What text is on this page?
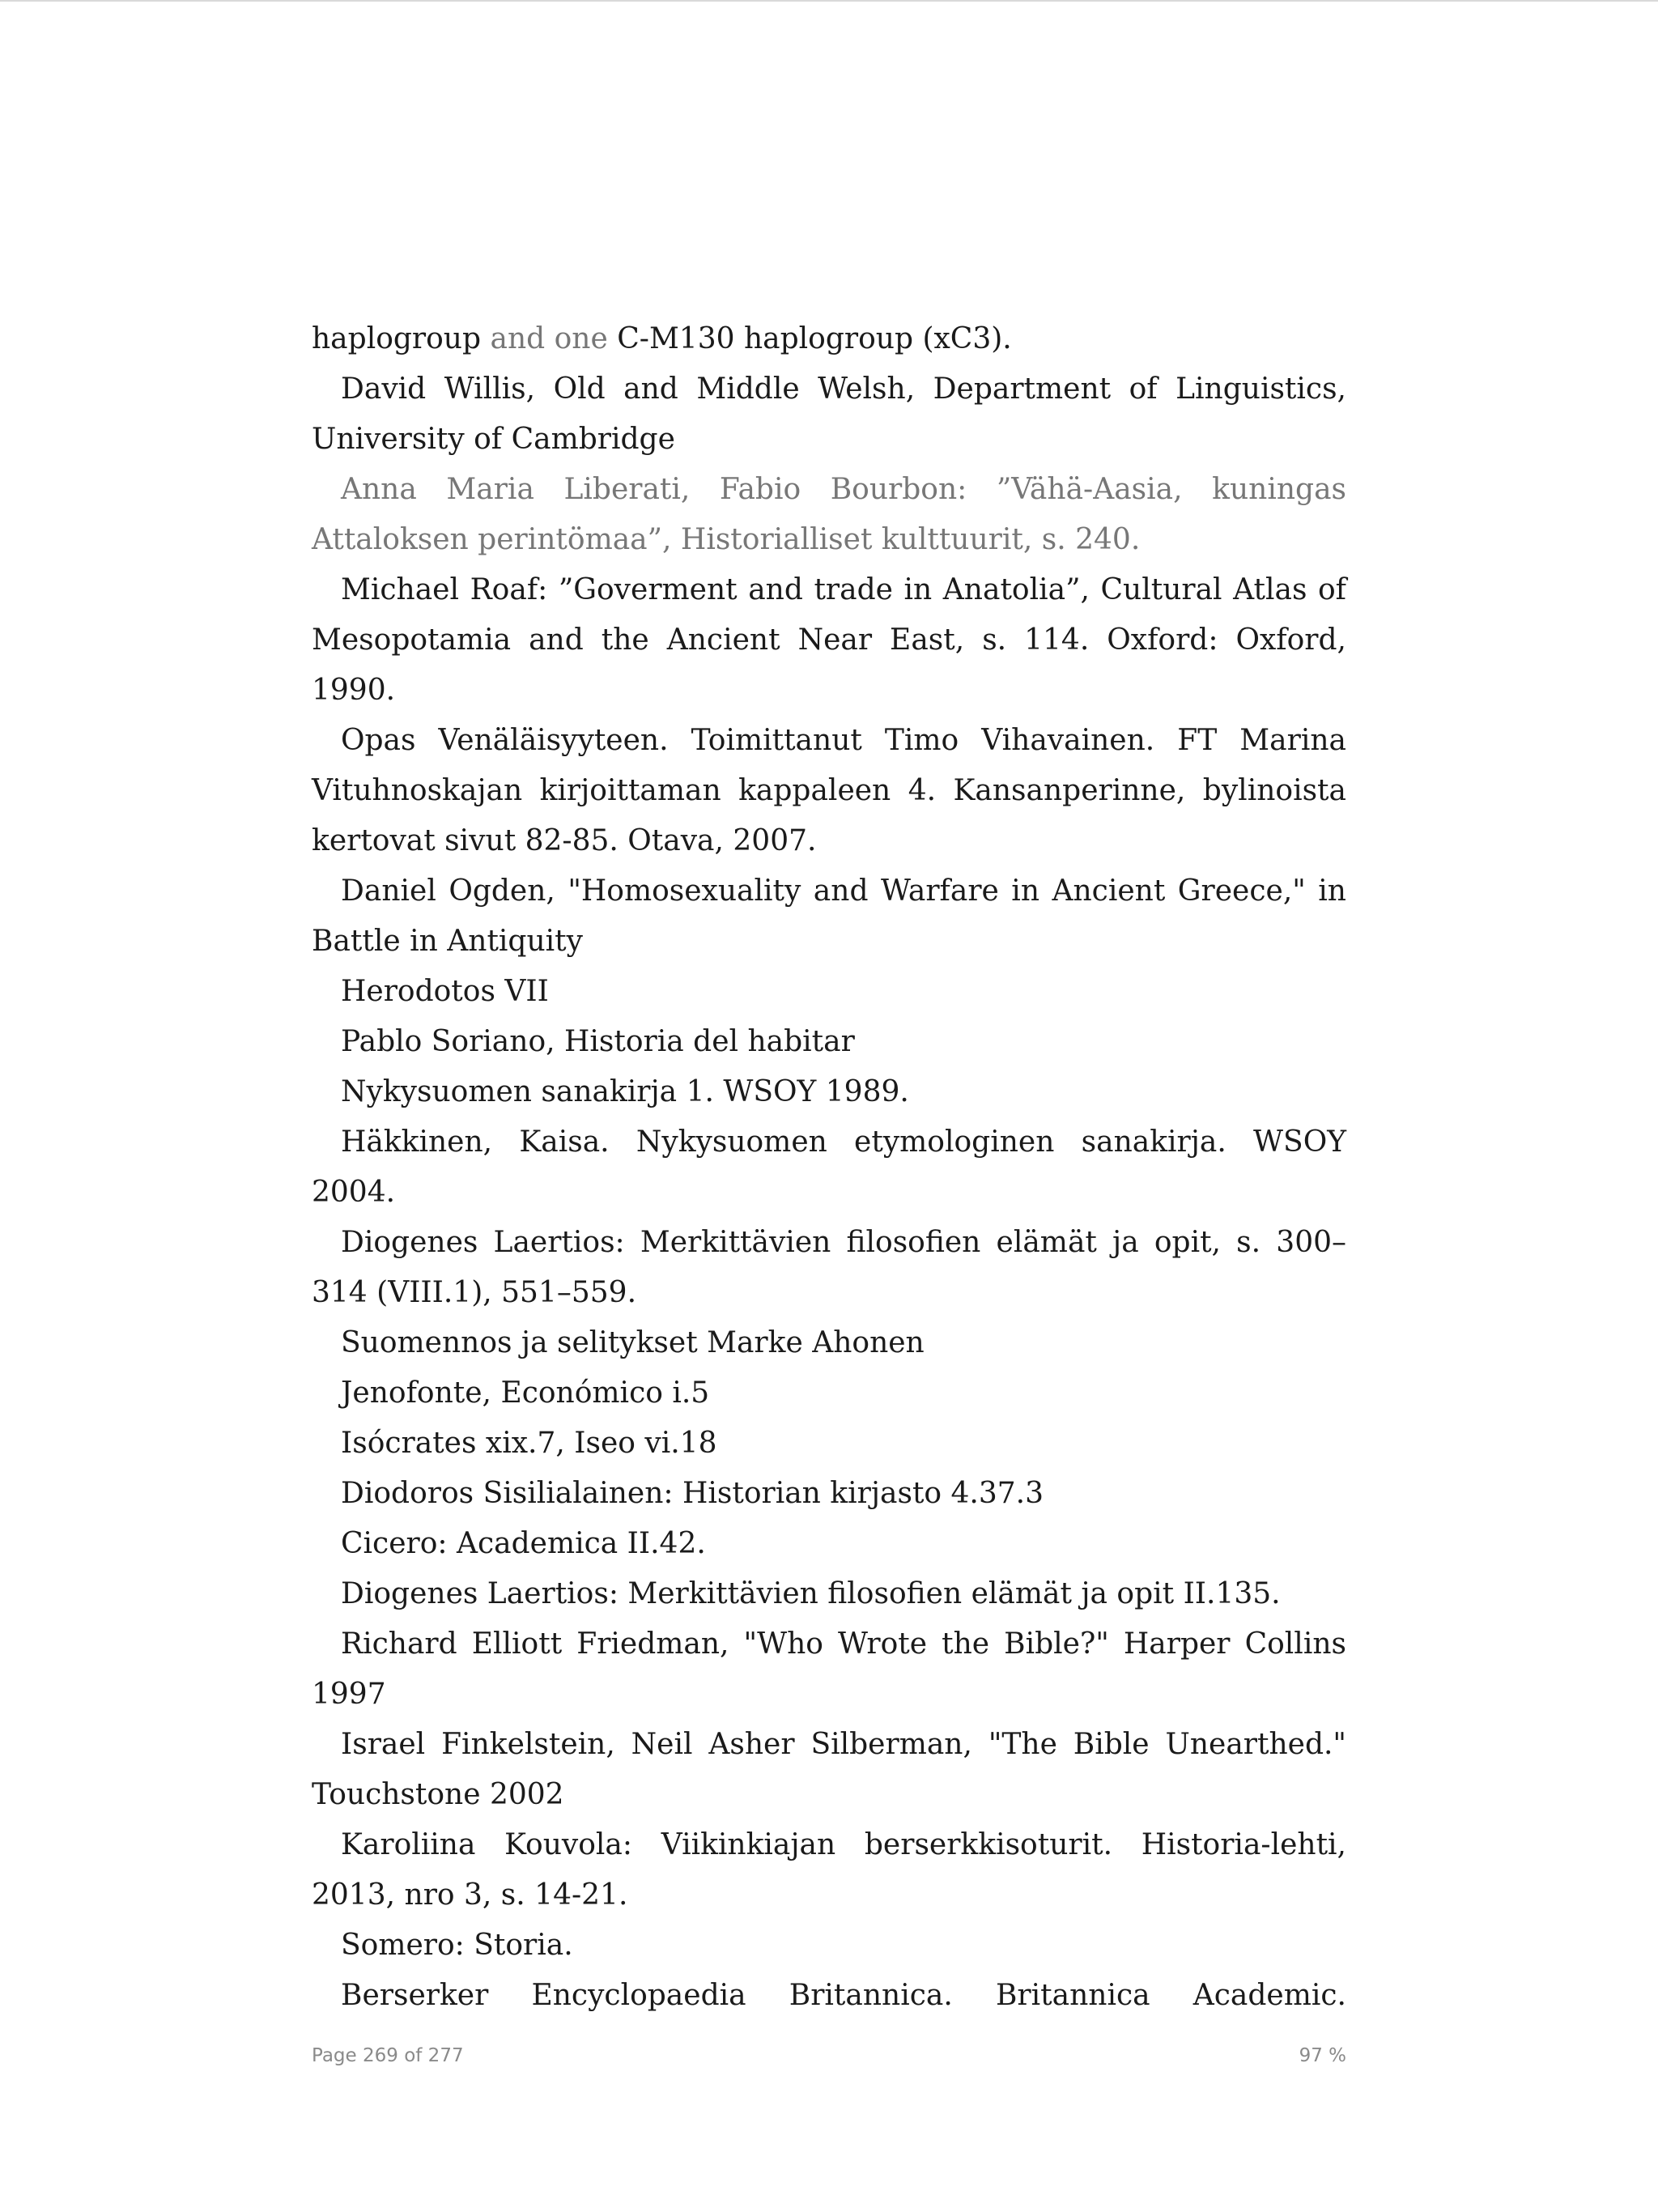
haplogroup and one C-M130 haplogroup (xC3).

David Willis, Old and Middle Welsh, Department of Linguistics, University of Cambridge

Anna Maria Liberati, Fabio Bourbon: ”Vähä-Aasia, kuningas Attaloksen perintömaa”, Historialliset kulttuurit, s. 240.

Michael Roaf: ”Goverment and trade in Anatolia”, Cultural Atlas of Mesopotamia and the Ancient Near East, s. 114. Oxford: Oxford, 1990.

Opas Venäläisyyteen. Toimittanut Timo Vihavainen. FT Marina Vituhnoskajan kirjoittaman kappaleen 4. Kansanperinne, bylinoista kertovat sivut 82-85. Otava, 2007.

Daniel Ogden, "Homosexuality and Warfare in Ancient Greece," in Battle in Antiquity

Herodotos VII

Pablo Soriano, Historia del habitar

Nykysuomen sanakirja 1. WSOY 1989.

Häkkinen, Kaisa. Nykysuomen etymologinen sanakirja. WSOY 2004.

Diogenes Laertios: Merkittävien filosofien elämät ja opit, s. 300–314 (VIII.1), 551–559.

Suomennos ja selitykset Marke Ahonen

Jenofonte, Económico i.5

Isócrates xix.7, Iseo vi.18

Diodoros Sisilialainen: Historian kirjasto 4.37.3

Cicero: Academica II.42.

Diogenes Laertios: Merkittävien filosofien elämät ja opit II.135.

Richard Elliott Friedman, "Who Wrote the Bible?" Harper Collins 1997

Israel Finkelstein, Neil Asher Silberman, "The Bible Unearthed." Touchstone 2002

Karoliina Kouvola: Viikinkiajan berserkkisoturit. Historia-lehti, 2013, nro 3, s. 14-21.

Somero: Storia.

Berserker Encyclopaedia Britannica. Britannica Academic.

Page 269 of 277	97 %
